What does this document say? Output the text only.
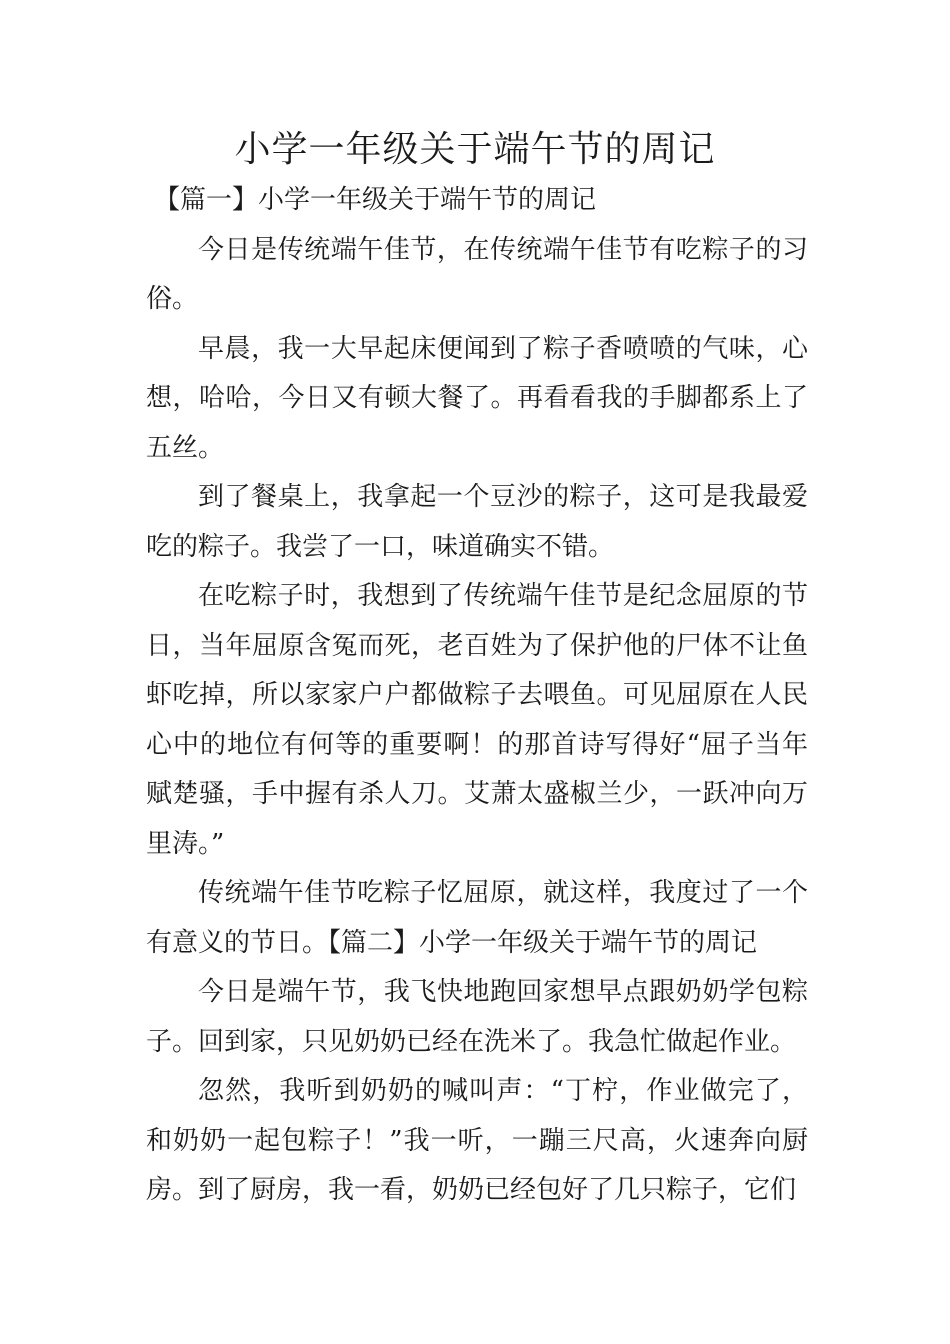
小学一年级关于端午节的周记

【篇一】小学一年级关于端午节的周记

今日是传统端午佳节，在传统端午佳节有吃粽子的习俗。

早晨，我一大早起床便闻到了粽子香喷喷的气味，心想，哈哈，今日又有顿大餐了。再看看我的手脚都系上了五丝。

到了餐桌上，我拿起一个豆沙的粽子，这可是我最爱吃的粽子。我尝了一口，味道确实不错。

在吃粽子时，我想到了传统端午佳节是纪念屈原的节日，当年屈原含冤而死，老百姓为了保护他的尸体不让鱼虾吃掉，所以家家户户都做粽子去喂鱼。可见屈原在人民心中的地位有何等的重要啊！的那首诗写得好“屈子当年赋楚骚，手中握有杀人刀。艾萧太盛椒兰少，一跃冲向万里涛。”

传统端午佳节吃粽子忆屈原，就这样，我度过了一个有意义的节日。【篇二】小学一年级关于端午节的周记

今日是端午节，我飞快地跑回家想早点跟奶奶学包粽子。回到家，只见奶奶已经在洗米了。我急忙做起作业。

忽然，我听到奶奶的喊叫声：“丁柠，作业做完了，和奶奶一起包粽子！”我一听，一蹦三尺高，火速奔向厨房。到了厨房，我一看，奶奶已经包好了几只粽子，它们
